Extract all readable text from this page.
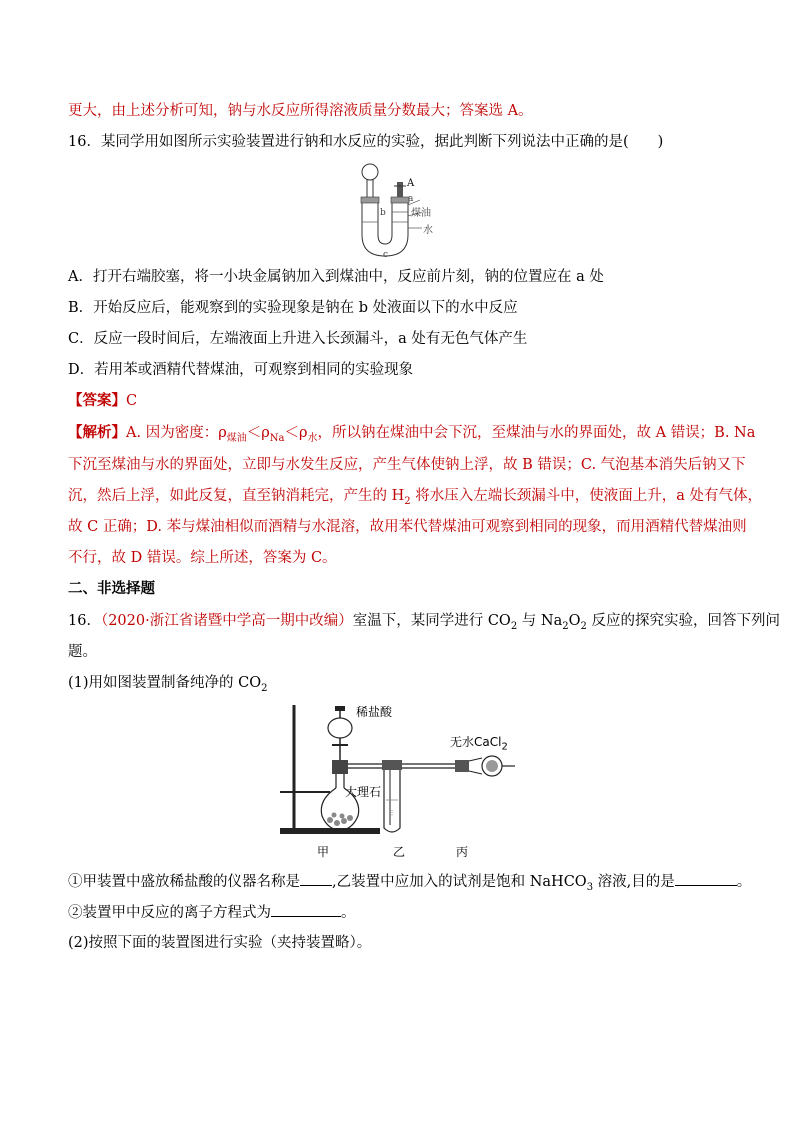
更大，由上述分析可知，钠与水反应所得溶液质量分数最大；答案选 A。
16．某同学用如图所示实验装置进行钠和水反应的实验，据此判断下列说法中正确的是(　　)
A
a
b	煤油
水
c
A．打开右端胶塞，将一小块金属钠加入到煤油中，反应前片刻，钠的位置应在 a 处
B．开始反应后，能观察到的实验现象是钠在 b 处液面以下的水中反应
C．反应一段时间后，左端液面上升进入长颈漏斗，a 处有无色气体产生
D．若用苯或酒精代替煤油，可观察到相同的实验现象
【答案】C
【解析】A. 因为密度：$\rho_{煤油}<\rho_{Na}<\rho_水$，所以钠在煤油中会下沉，至煤油与水的界面处，故 A 错误；B. Na
下沉至煤油与水的界面处，立即与水发生反应，产生气体使钠上浮，故 B 错误；C. 气泡基本消失后钠又下
沉，然后上浮，如此反复，直至钠消耗完，产生的 $H_2$ 将水压入左端长颈漏斗中，使液面上升，a 处有气体，
故 C 正确；D. 苯与煤油相似而酒精与水混溶，故用苯代替煤油可观察到相同的现象，而用酒精代替煤油则
不行，故 D 错误。综上所述，答案为 C。
二、非选择题
16．（2020·浙江省诸暨中学高一期中改编）室温下，某同学进行 $CO_2$ 与 $Na_2O_2$ 反应的探究实验，回答下列问
题。
(1)用如图装置制备纯净的 $CO_2$
⋮
稀盐酸
大理石
无水CaCl$_2$
甲	乙	丙
①甲装置中盛放稀盐酸的仪器名称是 ,乙装置中应加入的试剂是饱和 NaHCO$_3$ 溶液,目的是	。
②装置甲中反应的离子方程式为	。
(2)按照下面的装置图进行实验（夹持装置略）。
